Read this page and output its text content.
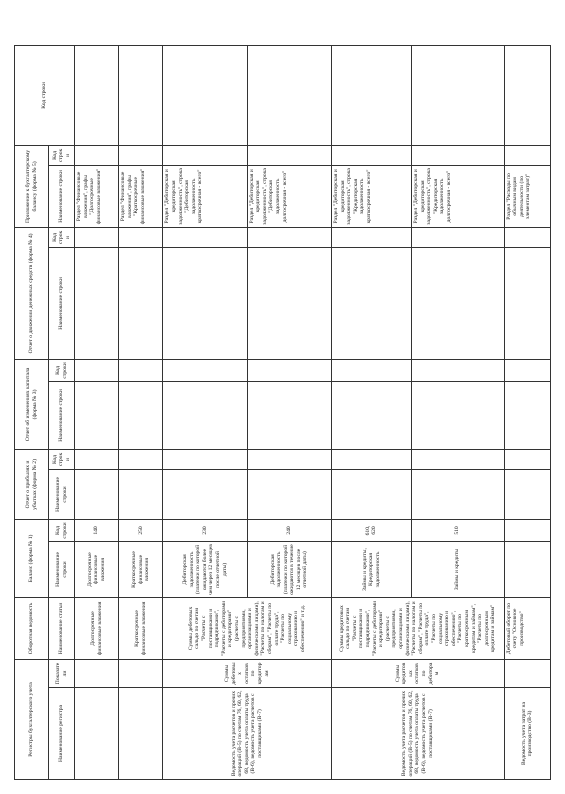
Регистры бухгалтерского учета		Оборотная ведомость	Баланс (форма № 1)		Отчет о прибылях и убытках (форма № 2)		Отчет об изменениях капитала (форма № 3)		Отчет о движении денежных средств (форма № 4)		Приложение к бухгалтерскому балансу (форма № 5)		Код строки
Наименование регистра	Показатели	Наименование статьи	Наименование строки	Код строки	Наименование строки	Код строки	Наименование строки	Код строки	Наименование строки	Код строки	Наименование строки	Код строки	
		Долгосрочные финансовые вложения	Долгосрочные финансовые вложения	140							Раздел "Финансовые вложения", графы "Долгосрочные финансовые вложения"		
		Краткосрочные финансовые вложения	Краткосрочные финансовые вложения	250							Раздел "Финансовые вложения", графы "Краткосрочные финансовые вложения"		
Ведомость учета расчетов и прочих операций (В-5) по счетам 76, 60, 62, 68, ведомость учета оплаты труда (В-6), ведомость учета расчетов с поставщиками (В-7)	Суммы дебетовых остатков по кредиторам	Суммы дебетовых сальдо по счетам "Расчеты с поставщиками и подрядчиками", "Расчеты с дебиторами и кредиторами" (расчеты с предприятиями, организациями и физическими лицами), "Расчеты по налогам и сборам", "Расчеты по оплате труда", "Расчеты по социальному страхованию и обеспечению" и т.д.	Дебиторская задолженность (платежи по которой ожидаются более чем через 12 месяцев после отчетной даты)	230							Раздел "Дебиторская и кредиторская задолженность", строка "Дебиторская задолженность краткосрочная - всего"		
			Дебиторская задолженность (платежи по которой ожидаются в течение 12 месяцев после отчетной даты)	240							Раздел "Дебиторская и кредиторская задолженность", строка "Дебиторская задолженность долгосрочная - всего"		
Ведомость учета расчетов и прочих операций (В-5) по счетам 76, 60, 62, 68, ведомость учета оплаты труда (В-6), ведомость учета расчетов с поставщиками (В-7)	Суммы кредитовых остатков по дебиторам	Суммы кредитовых сальдо по счетам "Расчеты с поставщиками и подрядчиками", "Расчеты с дебиторами и кредиторами" (расчеты с предприятиями, организациями и физическими лицами), "Расчеты по налогам и сборам", "Расчеты по оплате труда", "Расчеты по социальному страхованию и обеспечению", "Расчеты по краткосрочным кредитам и займам", "Расчеты по долгосрочным кредитам и займам"	Займы и кредиты, Кредиторская задолженность	610, 620							Раздел "Дебиторская и кредиторская задолженность", строка "Кредиторская задолженность краткосрочная - всего"		
			Займы и кредиты	510							Раздел "Дебиторская и кредиторская задолженность", строка "Кредиторская задолженность долгосрочная - всего"		
Ведомость учета затрат на производство (В-3)		Дебетовый оборот по счету "Основное производство"									Раздел "Расходы по обычным видам деятельности (по элементам затрат)"		
